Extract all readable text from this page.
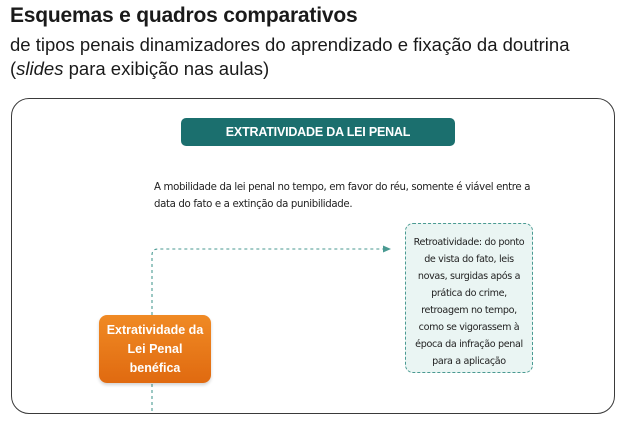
Esquemas e quadros comparativos

de tipos penais dinamizadores do aprendizado e fixação da doutrina
(slides para exibição nas aulas)

EXTRATIVIDADE DA LEI PENAL

A mobilidade da lei penal no tempo, em favor do réu, somente é viável entre a data do fato e a extinção da punibilidade.

Retroatividade: do ponto de vista do fato, leis novas, surgidas após a prática do crime, retroagem no tempo, como se vigorassem à época da infração penal para a aplicação
Extratividade da Lei Penal benéfica
